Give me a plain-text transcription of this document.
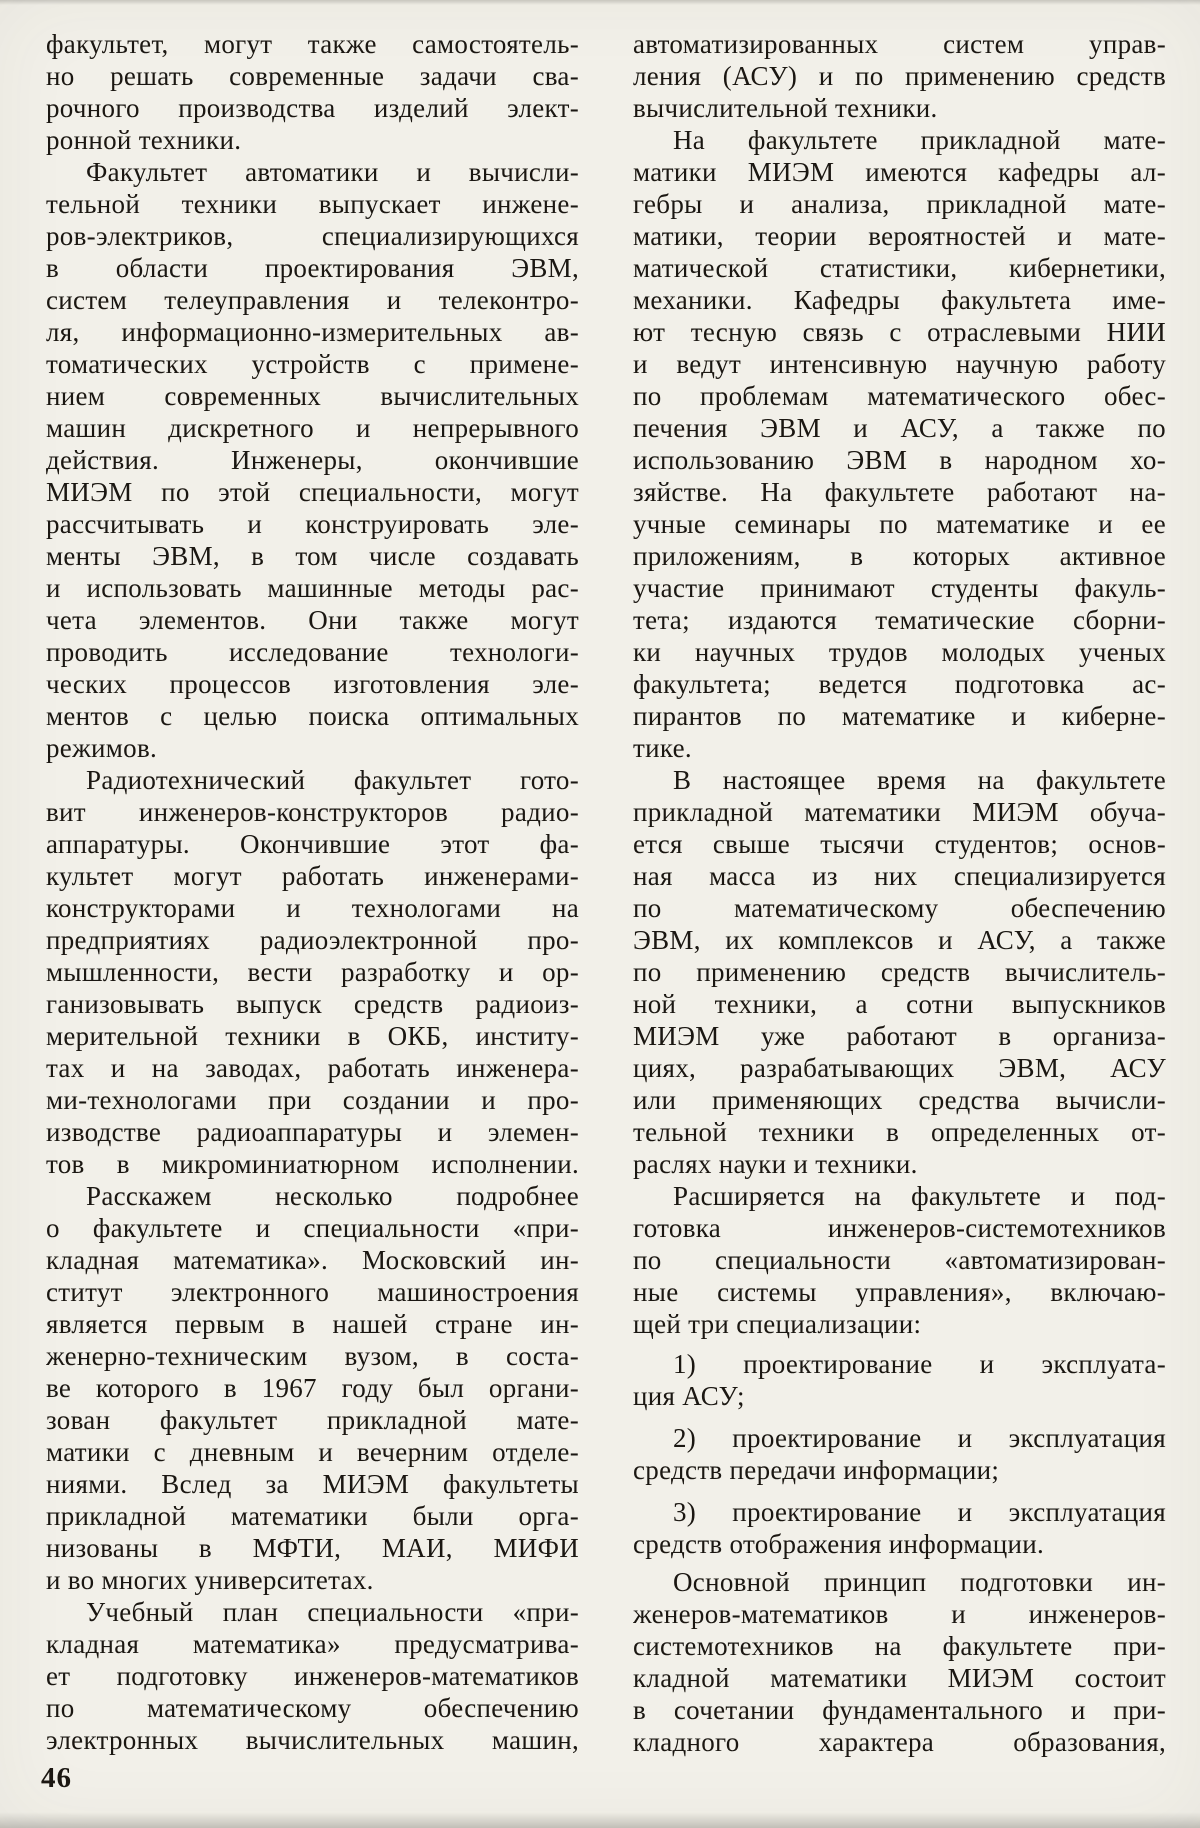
факультет, могут также самостоятель-
но решать современные задачи сва-
рочного производства изделий элект-
ронной техники.
Факультет автоматики и вычисли-
тельной техники выпускает инжене-
ров-электриков, специализирующихся
в области проектирования ЭВМ,
систем телеуправления и телеконтро-
ля, информационно-измерительных ав-
томатических устройств с примене-
нием современных вычислительных
машин дискретного и непрерывного
действия. Инженеры, окончившие
МИЭМ по этой специальности, могут
рассчитывать и конструировать эле-
менты ЭВМ, в том числе создавать
и использовать машинные методы рас-
чета элементов. Они также могут
проводить исследование технологи-
ческих процессов изготовления эле-
ментов с целью поиска оптимальных
режимов.
Радиотехнический факультет гото-
вит инженеров-конструкторов радио-
аппаратуры. Окончившие этот фа-
культет могут работать инженерами-
конструкторами и технологами на
предприятиях радиоэлектронной про-
мышленности, вести разработку и ор-
ганизовывать выпуск средств радиоиз-
мерительной техники в ОКБ, институ-
тах и на заводах, работать инженера-
ми-технологами при создании и про-
изводстве радиоаппаратуры и элемен-
тов в микроминиатюрном исполнении.
Расскажем несколько подробнее
о факультете и специальности «при-
кладная математика». Московский ин-
ститут электронного машиностроения
является первым в нашей стране ин-
женерно-техническим вузом, в соста-
ве которого в 1967 году был органи-
зован факультет прикладной мате-
матики с дневным и вечерним отделе-
ниями. Вслед за МИЭМ факультеты
прикладной математики были орга-
низованы в МФТИ, МАИ, МИФИ
и во многих университетах.
Учебный план специальности «при-
кладная математика» предусматрива-
ет подготовку инженеров-математиков
по математическому обеспечению
электронных вычислительных машин,
автоматизированных систем управ-
ления (АСУ) и по применению средств
вычислительной техники.
На факультете прикладной мате-
матики МИЭМ имеются кафедры ал-
гебры и анализа, прикладной мате-
матики, теории вероятностей и мате-
матической статистики, кибернетики,
механики. Кафедры факультета име-
ют тесную связь с отраслевыми НИИ
и ведут интенсивную научную работу
по проблемам математического обес-
печения ЭВМ и АСУ, а также по
использованию ЭВМ в народном хо-
зяйстве. На факультете работают на-
учные семинары по математике и ее
приложениям, в которых активное
участие принимают студенты факуль-
тета; издаются тематические сборни-
ки научных трудов молодых ученых
факультета; ведется подготовка ас-
пирантов по математике и киберне-
тике.
В настоящее время на факультете
прикладной математики МИЭМ обуча-
ется свыше тысячи студентов; основ-
ная масса из них специализируется
по математическому обеспечению
ЭВМ, их комплексов и АСУ, а также
по применению средств вычислитель-
ной техники, а сотни выпускников
МИЭМ уже работают в организа-
циях, разрабатывающих ЭВМ, АСУ
или применяющих средства вычисли-
тельной техники в определенных от-
раслях науки и техники.
Расширяется на факультете и под-
готовка инженеров-системотехников
по специальности «автоматизирован-
ные системы управления», включаю-
щей три специализации:
1) проектирование и эксплуата-
ция АСУ;
2) проектирование и эксплуатация
средств передачи информации;
3) проектирование и эксплуатация
средств отображения информации.
Основной принцип подготовки ин-
женеров-математиков и инженеров-
системотехников на факультете при-
кладной математики МИЭМ состоит
в сочетании фундаментального и при-
кладного характера образования,
46
